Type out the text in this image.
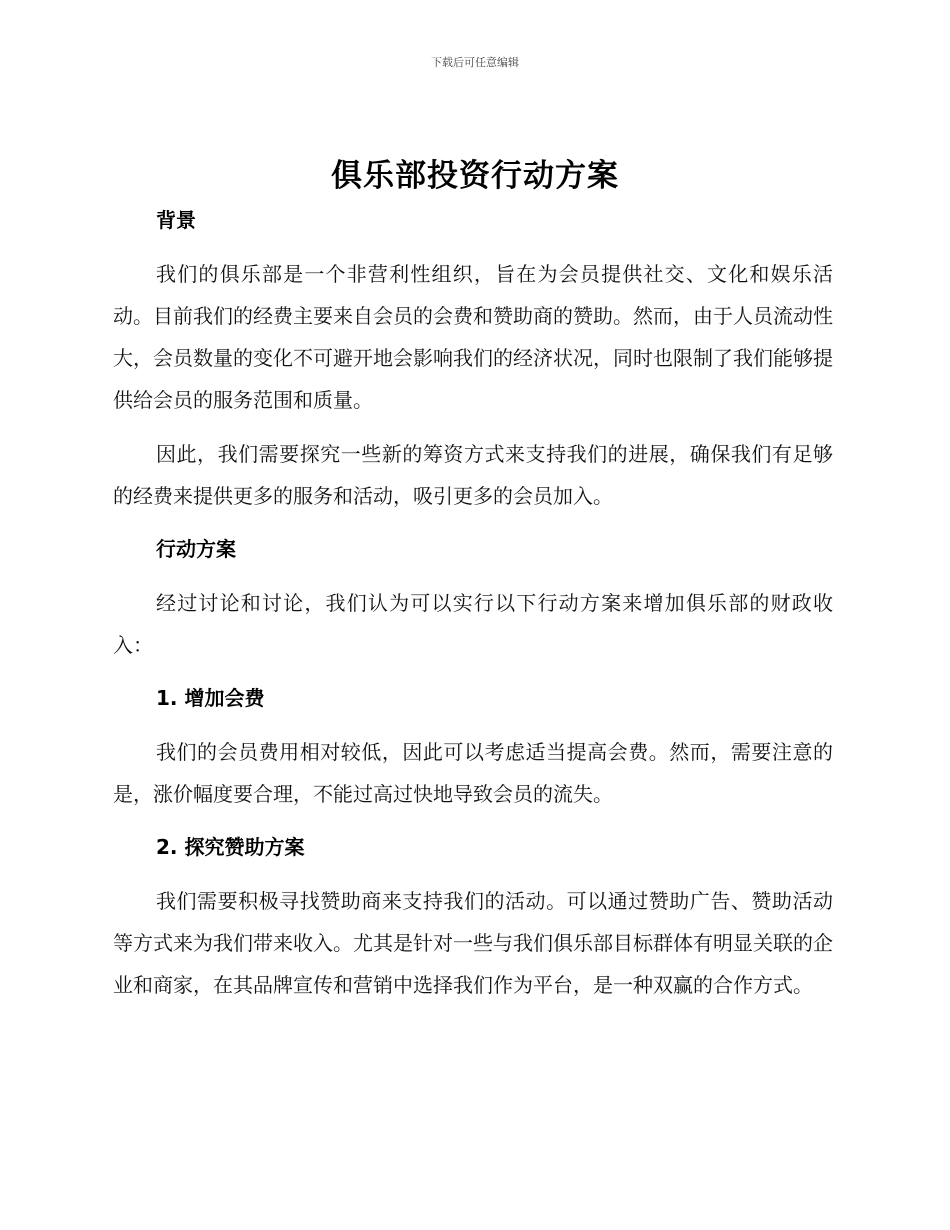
下载后可任意编辑
俱乐部投资行动方案
背景

我们的俱乐部是一个非营利性组织，旨在为会员提供社交、文化和娱乐活动。目前我们的经费主要来自会员的会费和赞助商的赞助。然而，由于人员流动性大，会员数量的变化不可避开地会影响我们的经济状况，同时也限制了我们能够提供给会员的服务范围和质量。

因此，我们需要探究一些新的筹资方式来支持我们的进展，确保我们有足够的经费来提供更多的服务和活动，吸引更多的会员加入。

行动方案

经过讨论和讨论，我们认为可以实行以下行动方案来增加俱乐部的财政收入：

1. 增加会费

我们的会员费用相对较低，因此可以考虑适当提高会费。然而，需要注意的是，涨价幅度要合理，不能过高过快地导致会员的流失。

2. 探究赞助方案

我们需要积极寻找赞助商来支持我们的活动。可以通过赞助广告、赞助活动等方式来为我们带来收入。尤其是针对一些与我们俱乐部目标群体有明显关联的企业和商家，在其品牌宣传和营销中选择我们作为平台，是一种双赢的合作方式。
